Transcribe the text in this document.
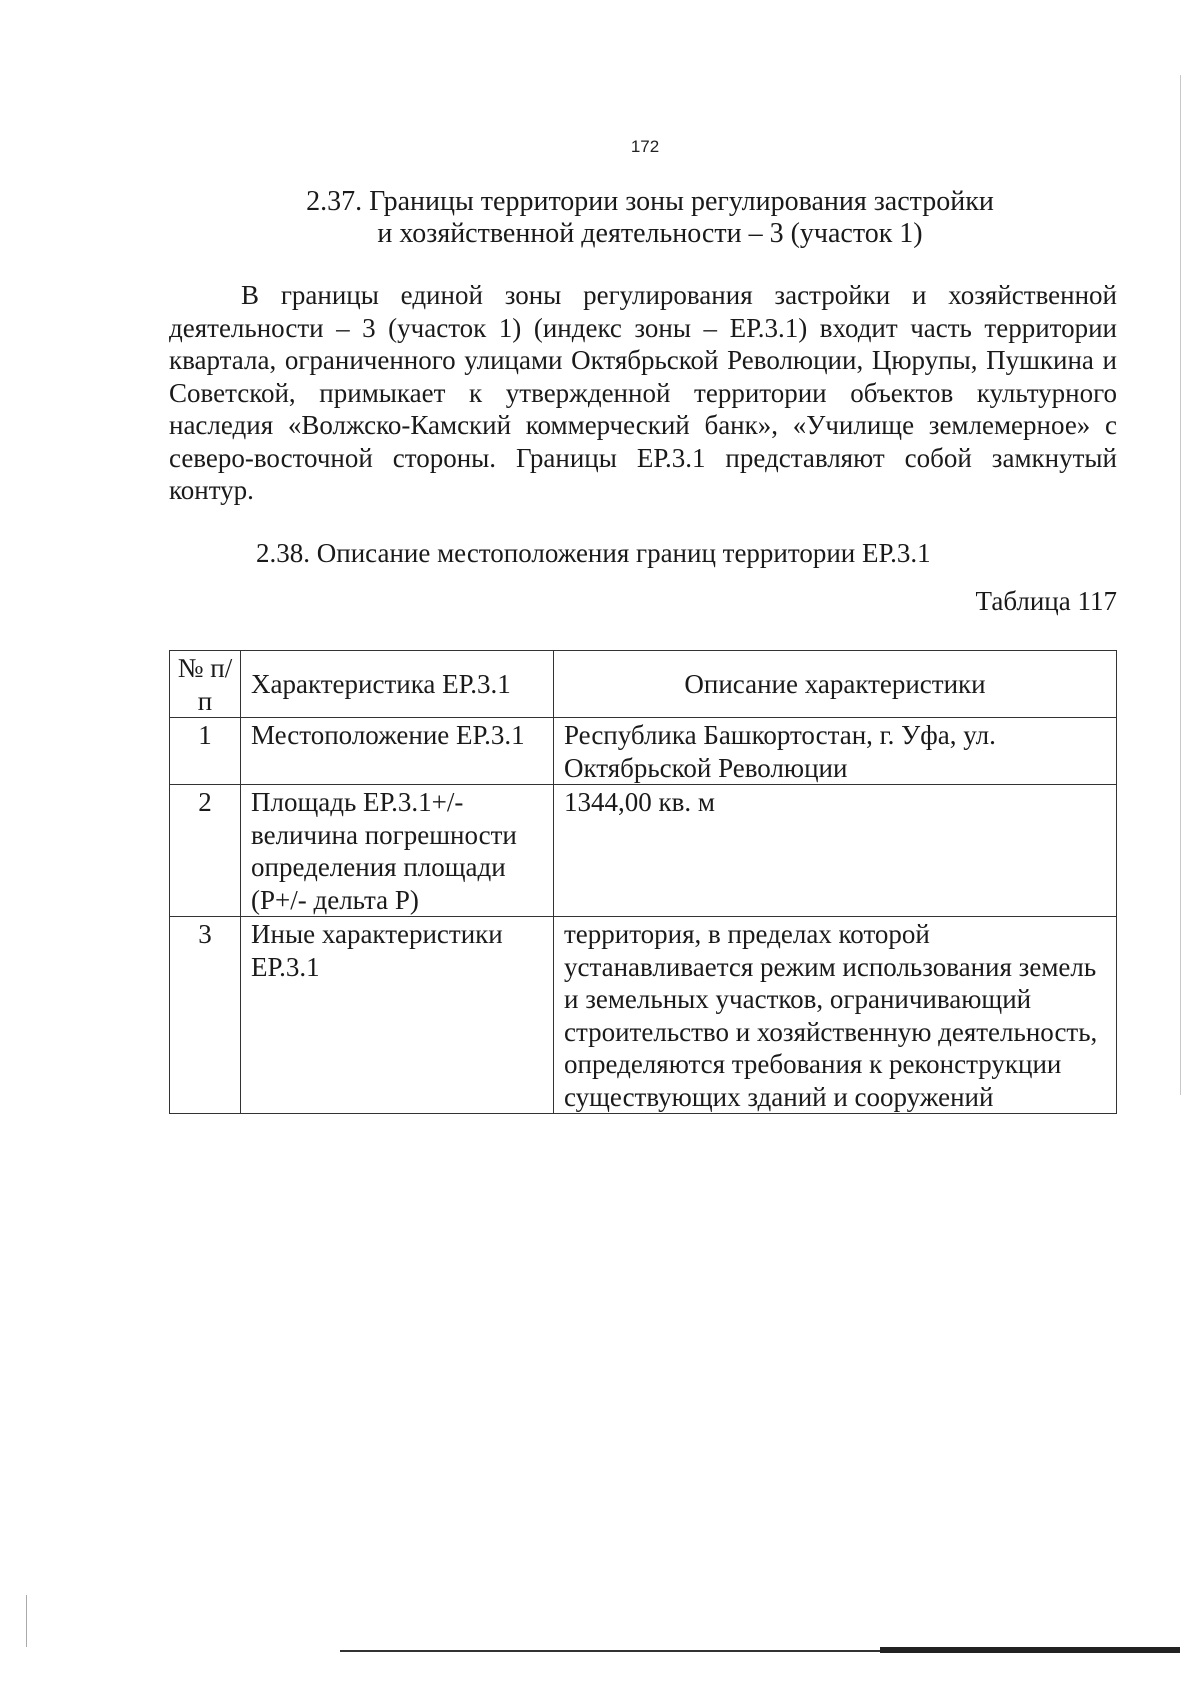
172
2.37. Границы территории зоны регулирования застройки
и хозяйственной деятельности – 3 (участок 1)

В границы единой зоны регулирования застройки и хозяйственной деятельности – 3 (участок 1) (индекс зоны – ЕР.3.1) входит часть территории квартала, ограниченного улицами Октябрьской Революции, Цюрупы, Пушкина и Советской, примыкает к утвержденной территории объектов культурного наследия «Волжско-Камский коммерческий банк», «Училище землемерное» с северо-восточной стороны. Границы ЕР.3.1 представляют собой замкнутый контур.

2.38. Описание местоположения границ территории ЕР.3.1
Таблица 117
№ п/п	Характеристика ЕР.3.1	Описание характеристики
1	Местоположение ЕР.3.1	Республика Башкортостан, г. Уфа, ул. Октябрьской Революции
2	Площадь ЕР.3.1+/- величина погрешности определения площади (Р+/- дельта Р)	1344,00 кв. м
3	Иные характеристики ЕР.3.1	территория, в пределах которой устанавливается режим использования земель и земельных участков, ограничивающий строительство и хозяйственную деятельность, определяются требования к реконструкции существующих зданий и сооружений
